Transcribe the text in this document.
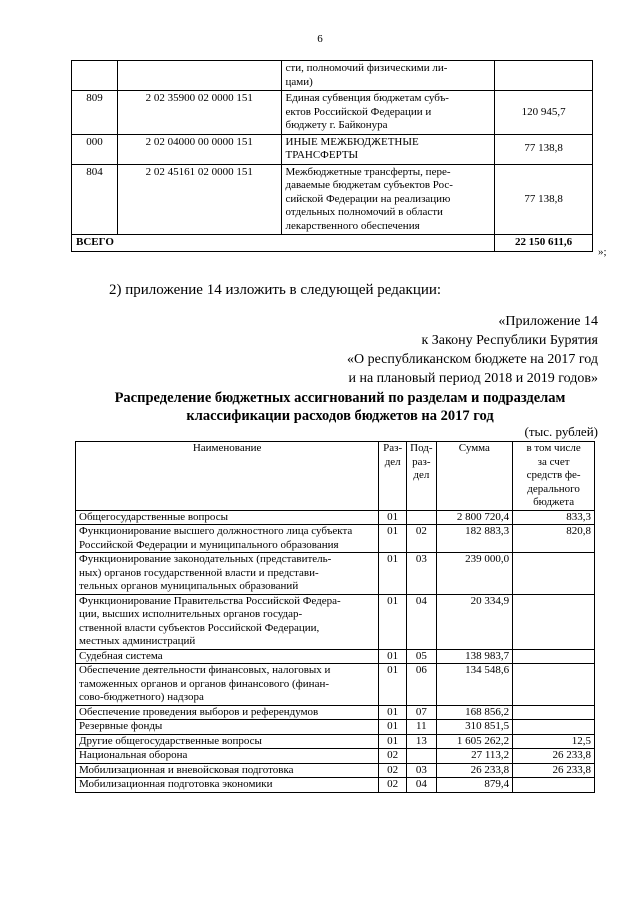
6
		сти, полномочий физическими ли-
цами)	
809	2 02 35900 02 0000 151	Единая субвенция бюджетам субъ-
ектов Российской Федерации и
бюджету г. Байконура	120 945,7
000	2 02 04000 00 0000 151	ИНЫЕ МЕЖБЮДЖЕТНЫЕ
ТРАНСФЕРТЫ	77 138,8
804	2 02 45161 02 0000 151	Межбюджетные трансферты, пере-
даваемые бюджетам субъектов Рос-
сийской Федерации на реализацию
отдельных полномочий в области
лекарственного обеспечения	77 138,8
ВСЕГО			22 150 611,6
»;
2) приложение 14 изложить в следующей редакции:
«Приложение 14
к Закону Республики Бурятия
«О республиканском бюджете на 2017 год
и на плановый период 2018 и 2019 годов»
Распределение бюджетных ассигнований по разделам и подразделам
классификации расходов бюджетов на 2017 год
(тыс. рублей)
Наименование	Раз-
дел	Под-
раз-
дел	Сумма	в том числе
за счет
средств фе-
дерального
бюджета
Общегосударственные вопросы	01		2 800 720,4	833,3
Функционирование высшего должностного лица субъекта
Российской Федерации и муниципального образования	01	02	182 883,3	820,8
Функционирование законодательных (представитель-
ных) органов государственной власти и представи-
тельных органов муниципальных образований	01	03	239 000,0	
Функционирование Правительства Российской Федера-
ции, высших исполнительных органов государ-
ственной власти субъектов Российской Федерации,
местных администраций	01	04	20 334,9	
Судебная система	01	05	138 983,7	
Обеспечение деятельности финансовых, налоговых и
таможенных органов и органов финансового (финан-
сово-бюджетного) надзора	01	06	134 548,6	
Обеспечение проведения выборов и референдумов	01	07	168 856,2	
Резервные фонды	01	11	310 851,5	
Другие общегосударственные вопросы	01	13	1 605 262,2	12,5
Национальная оборона	02		27 113,2	26 233,8
Мобилизационная и вневойсковая подготовка	02	03	26 233,8	26 233,8
Мобилизационная подготовка экономики	02	04	879,4	
